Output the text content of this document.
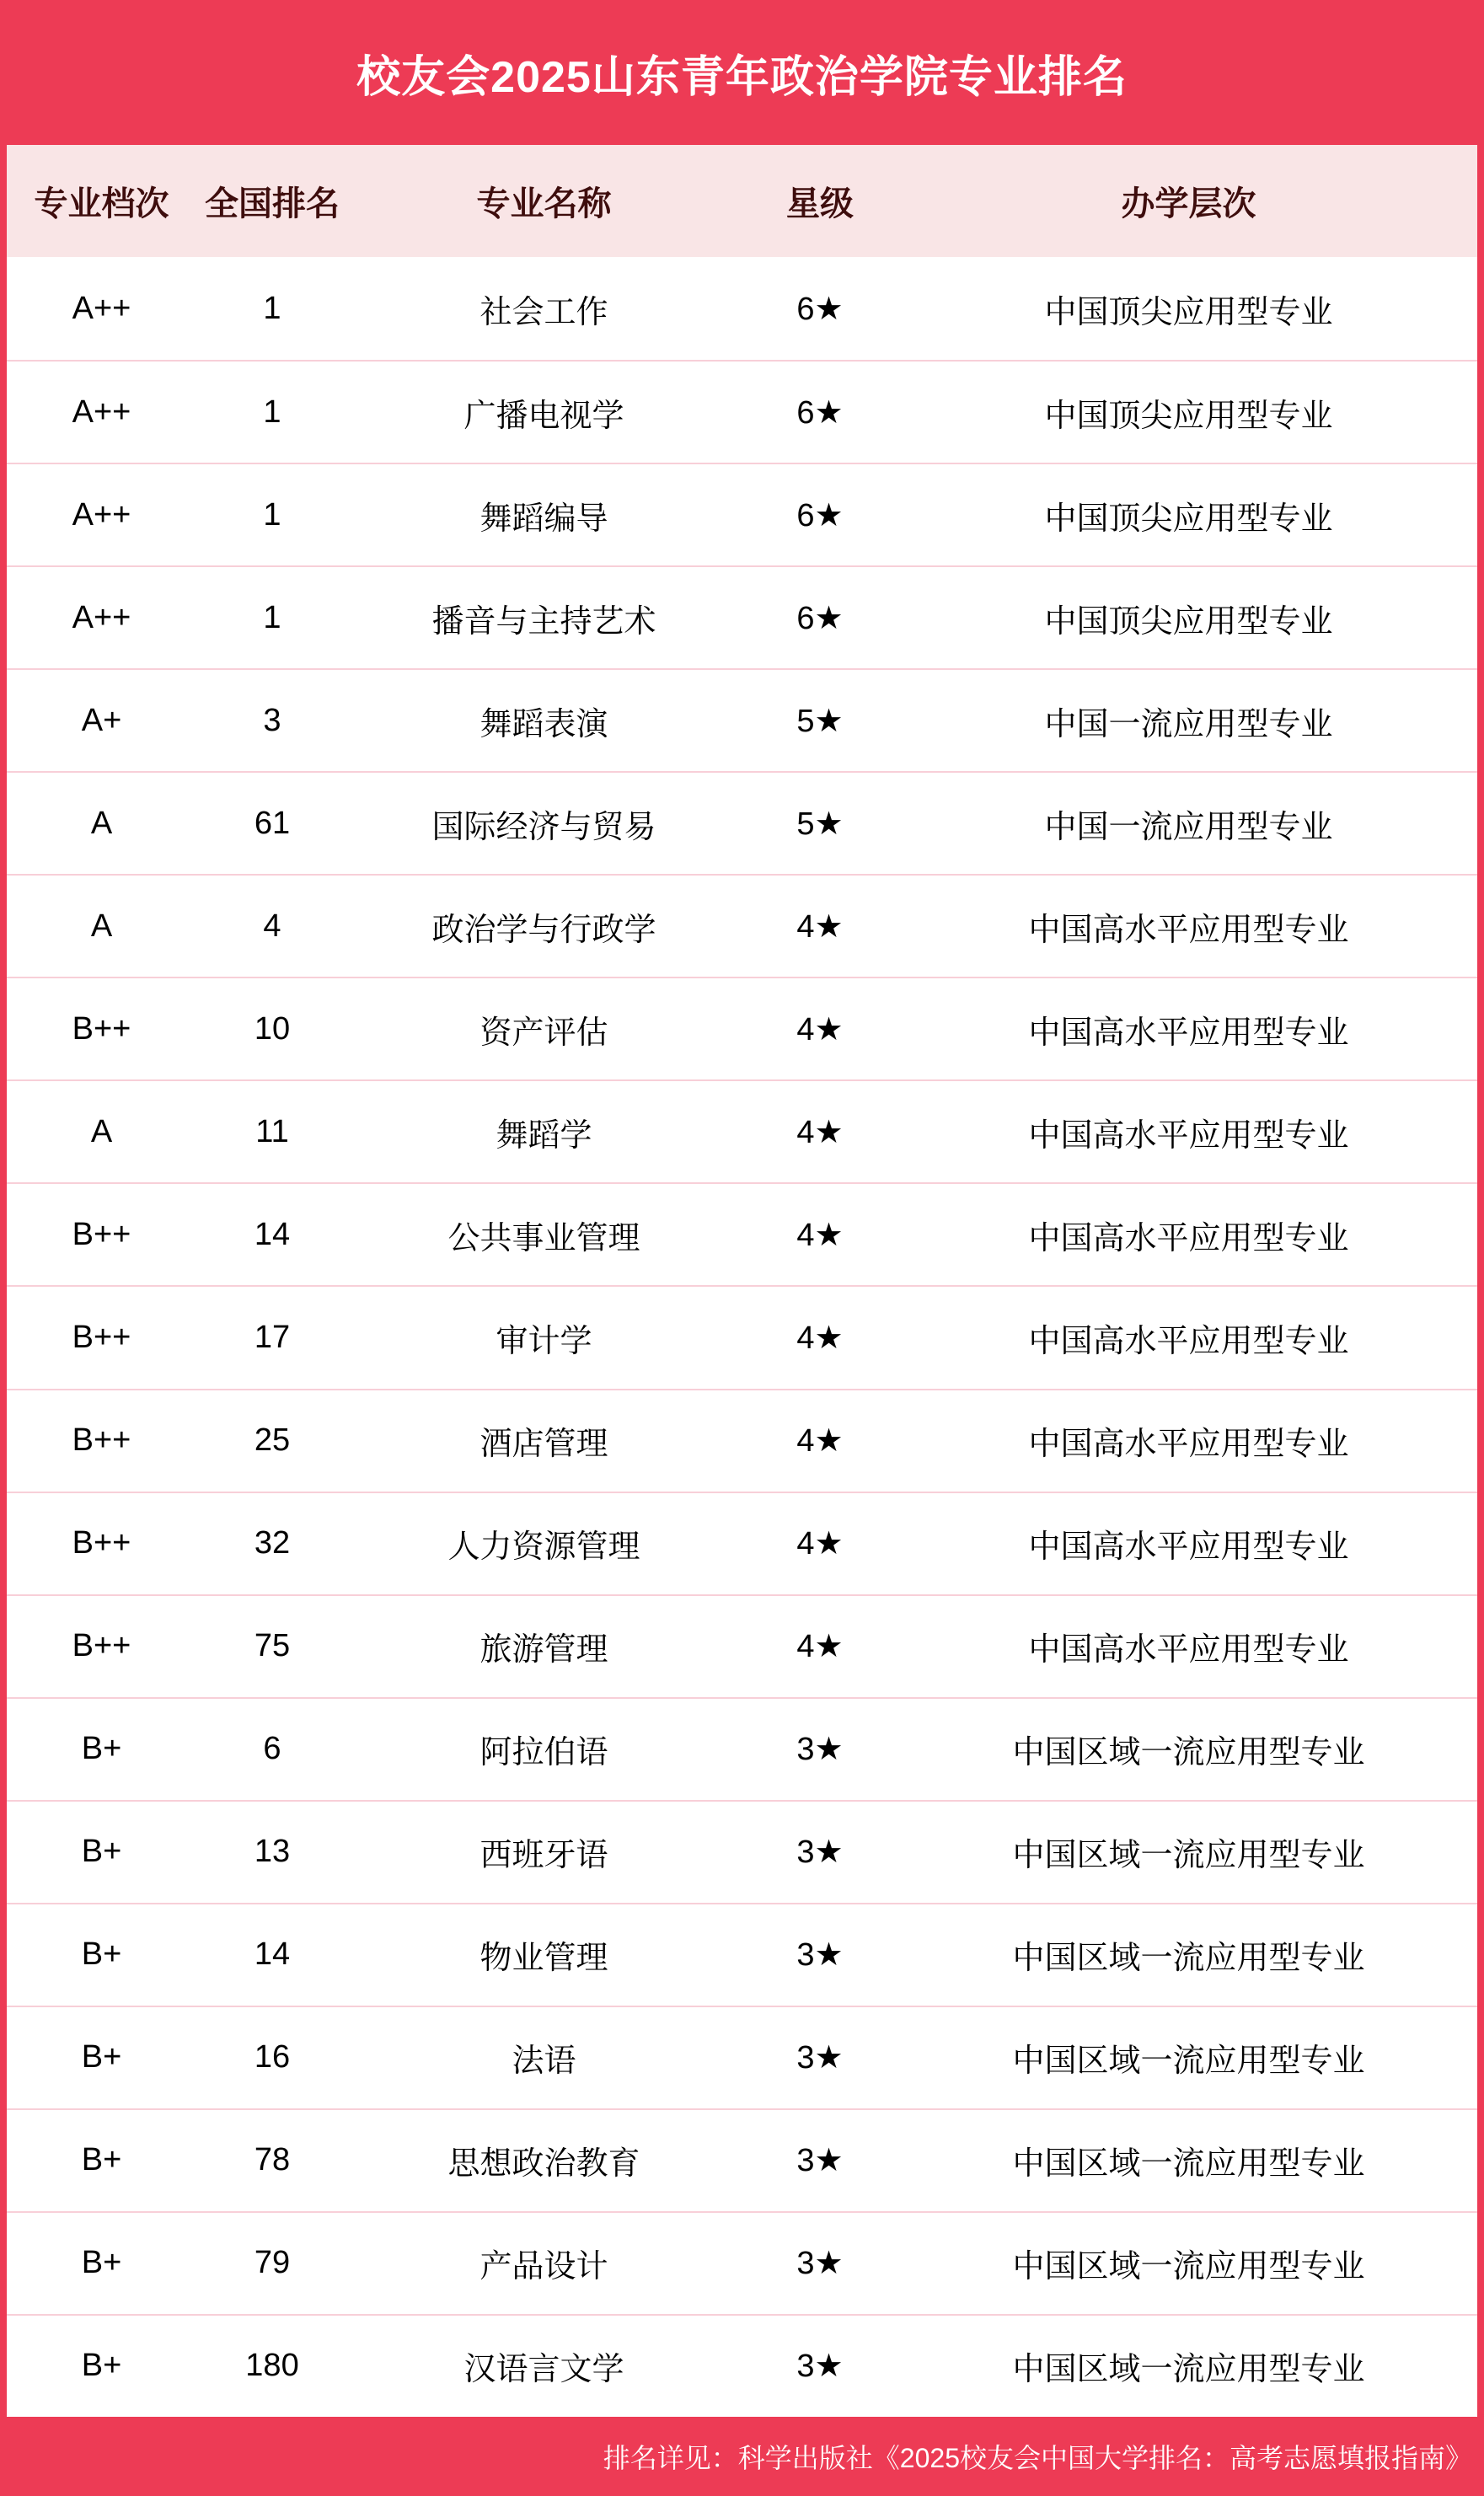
校友会2025山东青年政治学院专业排名
专业档次	全国排名	专业名称	星级	办学层次
A++	1	社会工作	6★	中国顶尖应用型专业
A++	1	广播电视学	6★	中国顶尖应用型专业
A++	1	舞蹈编导	6★	中国顶尖应用型专业
A++	1	播音与主持艺术	6★	中国顶尖应用型专业
A+	3	舞蹈表演	5★	中国一流应用型专业
A	61	国际经济与贸易	5★	中国一流应用型专业
A	4	政治学与行政学	4★	中国高水平应用型专业
B++	10	资产评估	4★	中国高水平应用型专业
A	11	舞蹈学	4★	中国高水平应用型专业
B++	14	公共事业管理	4★	中国高水平应用型专业
B++	17	审计学	4★	中国高水平应用型专业
B++	25	酒店管理	4★	中国高水平应用型专业
B++	32	人力资源管理	4★	中国高水平应用型专业
B++	75	旅游管理	4★	中国高水平应用型专业
B+	6	阿拉伯语	3★	中国区域一流应用型专业
B+	13	西班牙语	3★	中国区域一流应用型专业
B+	14	物业管理	3★	中国区域一流应用型专业
B+	16	法语	3★	中国区域一流应用型专业
B+	78	思想政治教育	3★	中国区域一流应用型专业
B+	79	产品设计	3★	中国区域一流应用型专业
B+	180	汉语言文学	3★	中国区域一流应用型专业
排名详见：科学出版社《2025校友会中国大学排名：高考志愿填报指南》
